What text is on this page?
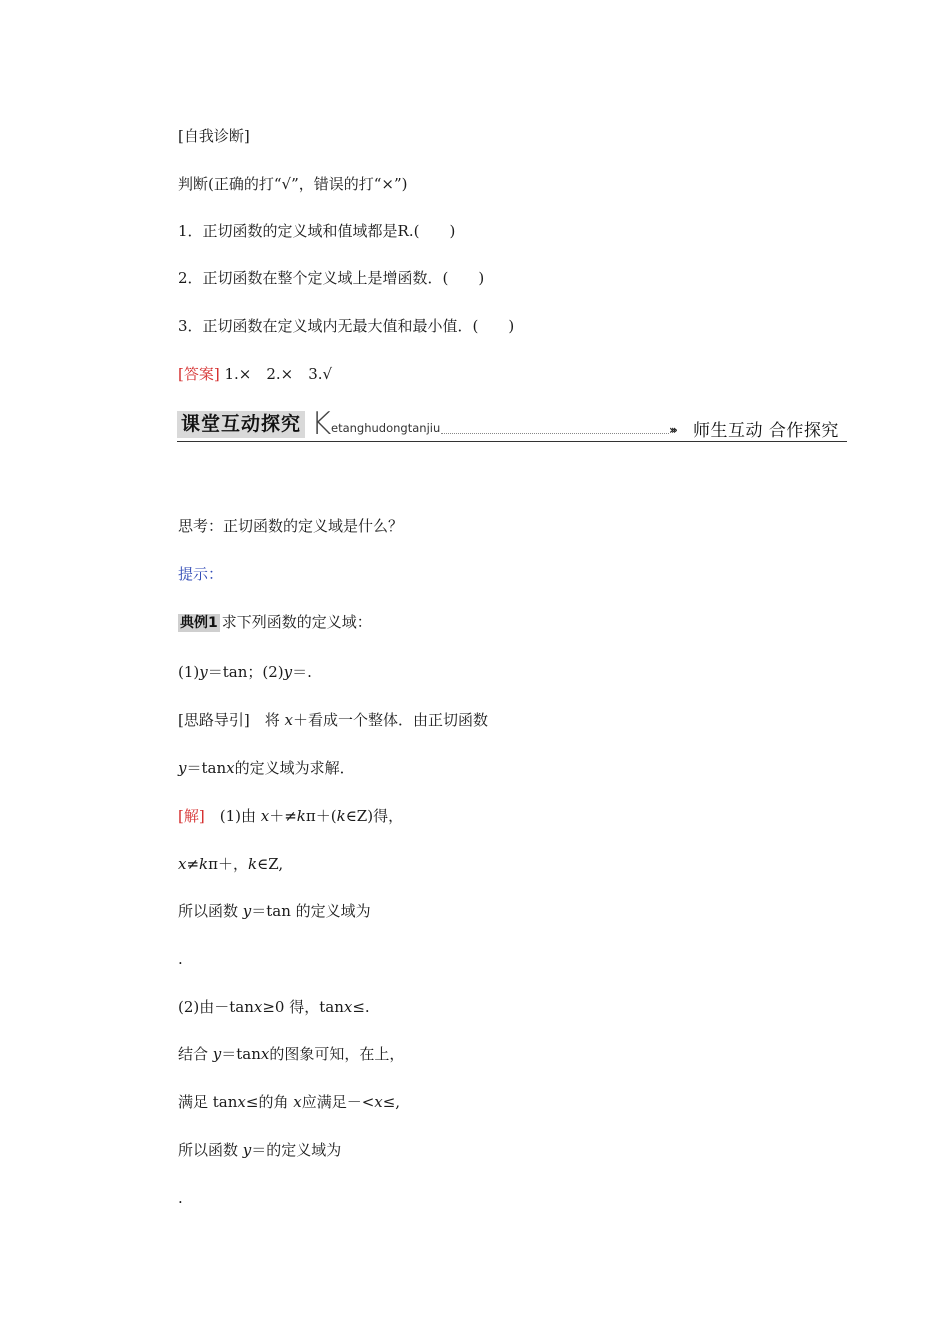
[自我诊断]
判断(正确的打“√”，错误的打“×”)
1．正切函数的定义域和值域都是R.(　　)
2．正切函数在整个定义域上是增函数．(　　)
3．正切函数在定义域内无最大值和最小值．(　　)
[答案] 1.×　2.×　3.√
课堂互动探究 K etanghudongtanjiu	››› 师生互动 合作探究
思考：正切函数的定义域是什么？
提示：
典例1 求下列函数的定义域：
(1)y＝tan；(2)y＝.
[思路导引]　将 x＋看成一个整体．由正切函数
y＝tanx的定义域为求解．
[解]　(1)由 x＋≠kπ＋(k∈Z)得，
x≠kπ＋，k∈Z,
所以函数 y＝tan 的定义域为
.
(2)由－tanx≥0 得，tanx≤.
结合 y＝tanx的图象可知，在上，
满足 tanx≤的角 x应满足－<x≤,
所以函数 y＝的定义域为
.
